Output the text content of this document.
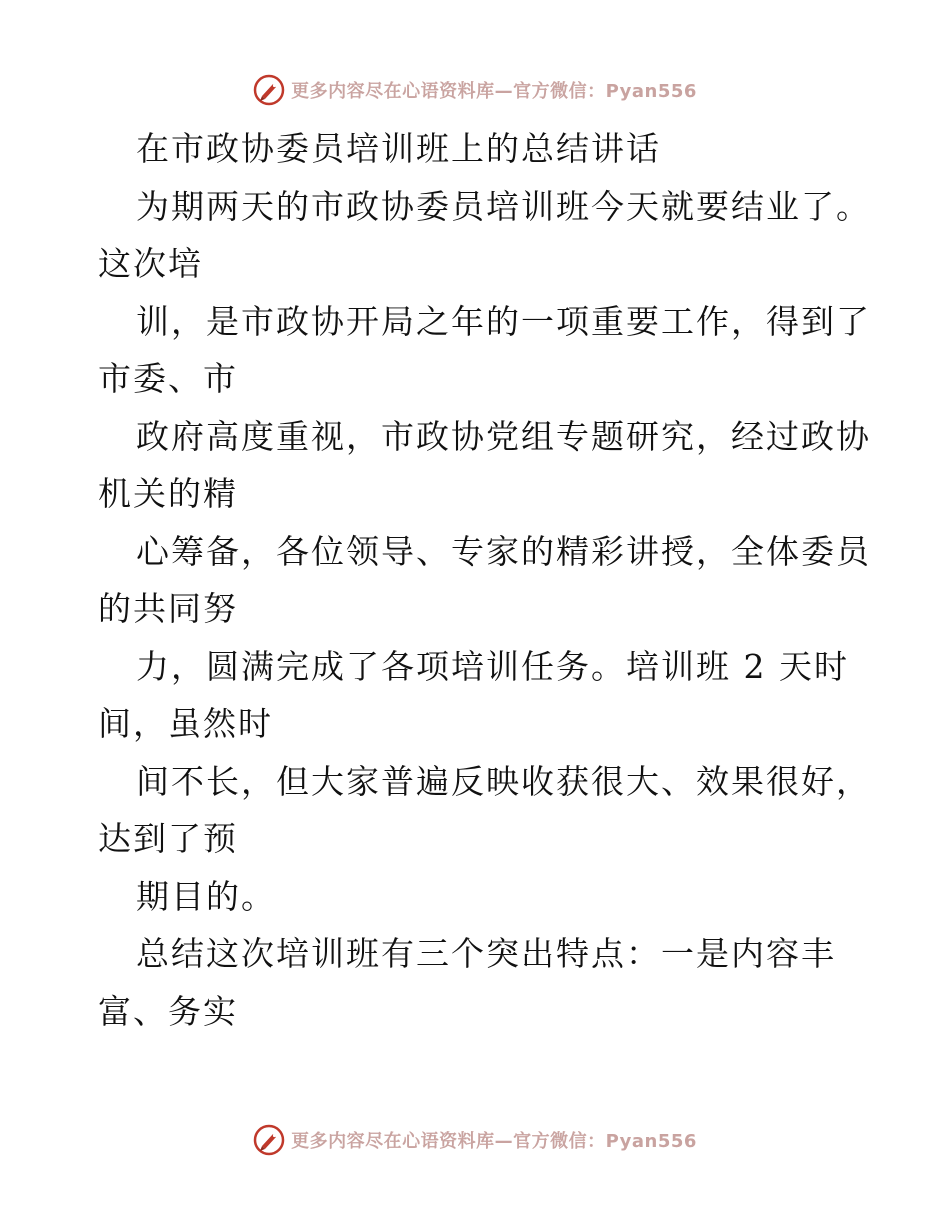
更多内容尽在心语资料库—官方微信：Pyan556
在市政协委员培训班上的总结讲话
为期两天的市政协委员培训班今天就要结业了。
这次培
训，是市政协开局之年的一项重要工作，得到了
市委、市
政府高度重视，市政协党组专题研究，经过政协
机关的精
心筹备，各位领导、专家的精彩讲授，全体委员
的共同努
力，圆满完成了各项培训任务。培训班 2 天时
间，虽然时
间不长，但大家普遍反映收获很大、效果很好，
达到了预
期目的。
总结这次培训班有三个突出特点：一是内容丰
富、务实
更多内容尽在心语资料库—官方微信：Pyan556
